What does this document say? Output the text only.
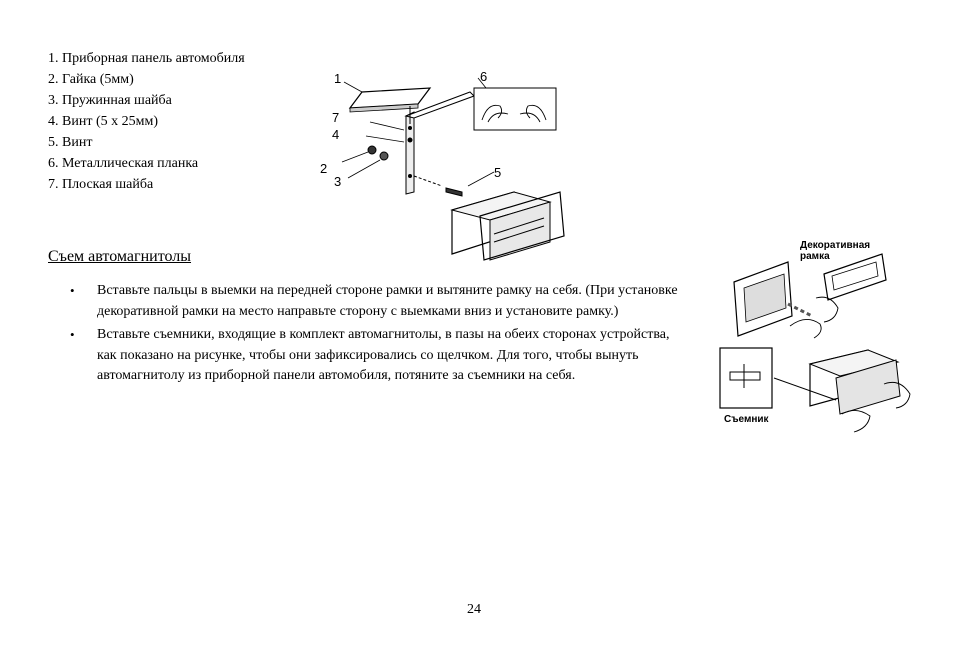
1. Приборная панель автомобиля
2. Гайка (5мм)
3. Пружинная шайба
4. Винт (5 х 25мм)
5. Винт
6. Металлическая планка
7. Плоская шайба
1	6
7
4
2
3
5
Съем автомагнитолы
• Вставьте пальцы в выемки на передней стороне рамки и вытяните рамку на себя. (При установке декоративной рамки на место направьте сторону с выемками вниз и установите рамку.)
• Вставьте съемники, входящие в комплект автомагнитолы, в пазы на обеих сторонах устройства, как показано на рисунке, чтобы они зафиксировались со щелчком. Для того, чтобы вынуть автомагнитолу из приборной панели автомобиля, потяните за съемники на себя.
Декоративная
рамка
Съемник
24
